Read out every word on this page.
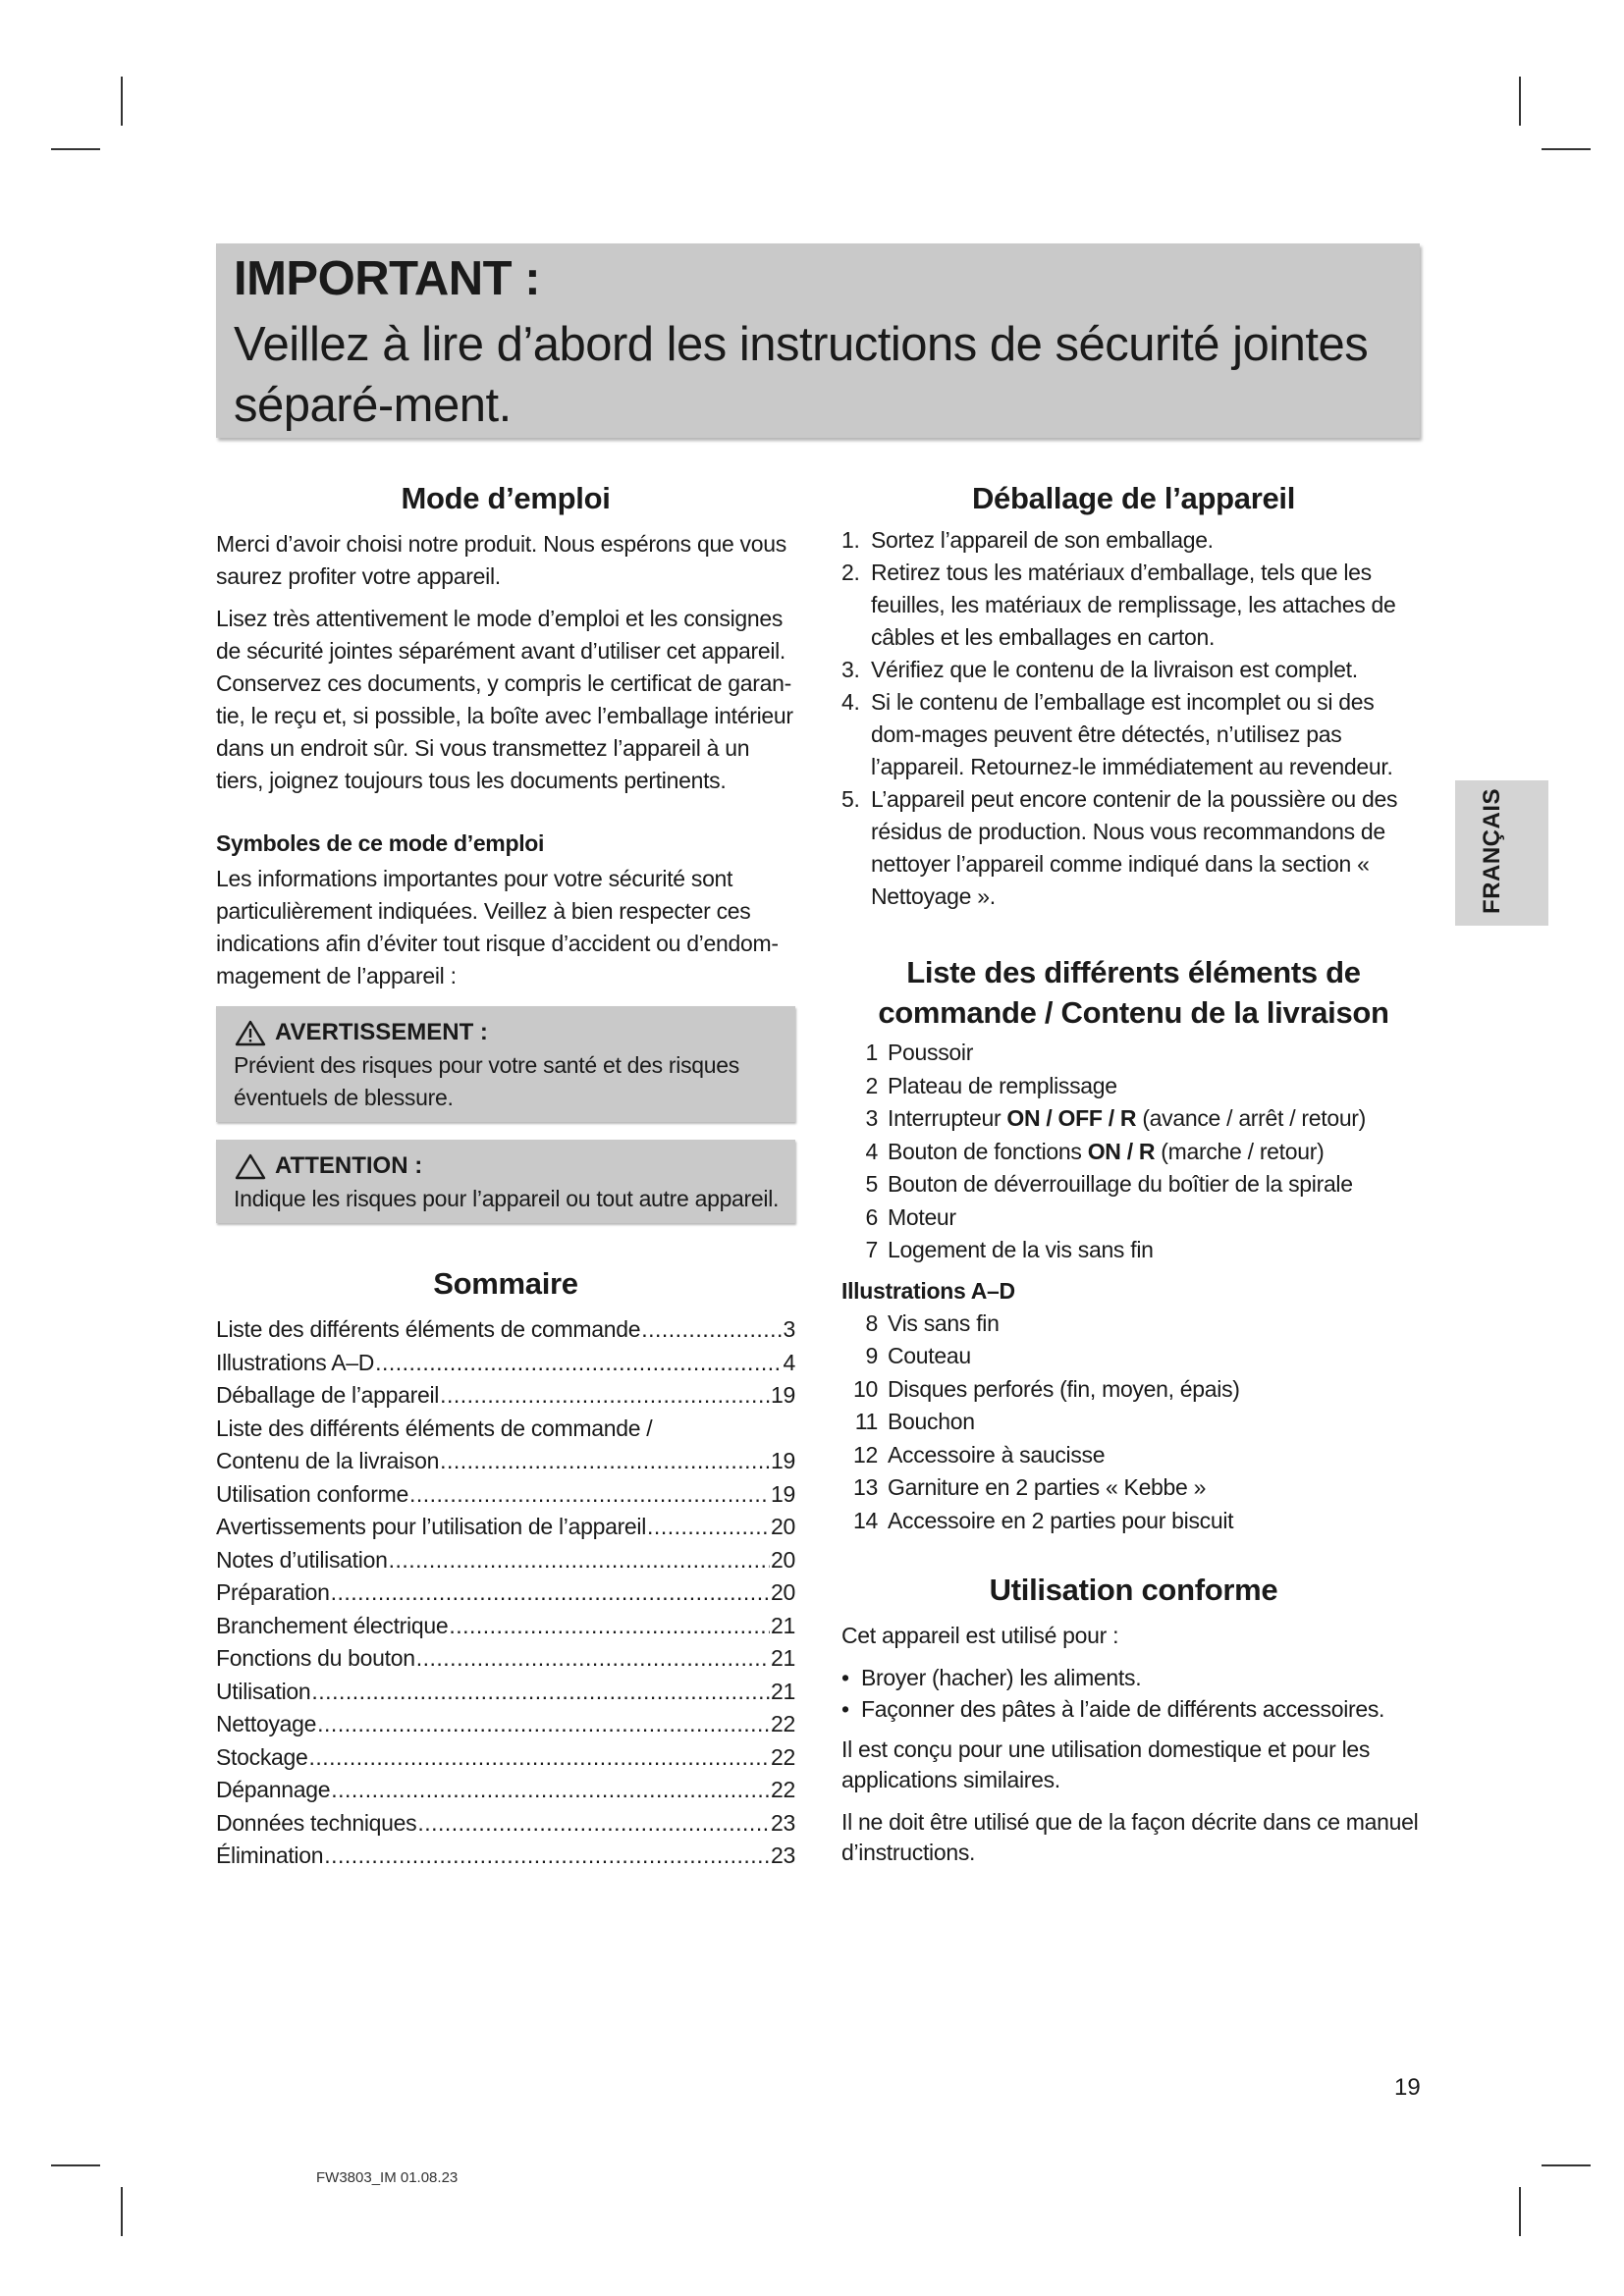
IMPORTANT :
Veillez à lire d’abord les instructions de sécurité jointes séparé-ment.
Mode d’emploi

Merci d’avoir choisi notre produit. Nous espérons que vous saurez profiter votre appareil.

Lisez très attentivement le mode d’emploi et les consignes de sécurité jointes séparément avant d’utiliser cet appareil. Conservez ces documents, y compris le certificat de garan-tie, le reçu et, si possible, la boîte avec l’emballage intérieur dans un endroit sûr. Si vous transmettez l’appareil à un tiers, joignez toujours tous les documents pertinents.

Symboles de ce mode d’emploi

Les informations importantes pour votre sécurité sont particulièrement indiquées. Veillez à bien respecter ces indications afin d’éviter tout risque d’accident ou d’endom-magement de l’appareil :

AVERTISSEMENT :

Prévient des risques pour votre santé et des risques éventuels de blessure.

ATTENTION :

Indique les risques pour l’appareil ou tout autre appareil.

Sommaire
Liste des différents éléments de commande .....	3
Illustrations A–D .....	4
Déballage de l’appareil .....	19
Liste des différents éléments de commande /
Contenu de la livraison .....	19
Utilisation conforme .....	19
Avertissements pour l’utilisation de l’appareil .....	20
Notes d’utilisation .....	20
Préparation .....	20
Branchement électrique .....	21
Fonctions du bouton .....	21
Utilisation .....	21
Nettoyage .....	22
Stockage .....	22
Dépannage .....	22
Données techniques .....	23
Élimination .....	23
Déballage de l’appareil
1. Sortez l’appareil de son emballage.
2. Retirez tous les matériaux d’emballage, tels que les feuilles, les matériaux de remplissage, les attaches de câbles et les emballages en carton.
3. Vérifiez que le contenu de la livraison est complet.
4. Si le contenu de l’emballage est incomplet ou si des dom-mages peuvent être détectés, n’utilisez pas l’appareil. Retournez-le immédiatement au revendeur.
5. L’appareil peut encore contenir de la poussière ou des résidus de production. Nous vous recommandons de nettoyer l’appareil comme indiqué dans la section « Nettoyage ».
Liste des différents éléments de
commande / Contenu de la livraison
1 Poussoir
2 Plateau de remplissage
3 Interrupteur ON / OFF / R (avance / arrêt / retour)
4 Bouton de fonctions ON / R (marche / retour)
5 Bouton de déverrouillage du boîtier de la spirale
6 Moteur
7 Logement de la vis sans fin
Illustrations A–D
8 Vis sans fin
9 Couteau
10 Disques perforés (fin, moyen, épais)
11 Bouchon
12 Accessoire à saucisse
13 Garniture en 2 parties « Kebbe »
14 Accessoire en 2 parties pour biscuit
Utilisation conforme

Cet appareil est utilisé pour :

• Broyer (hacher) les aliments.
• Façonner des pâtes à l’aide de différents accessoires.

Il est conçu pour une utilisation domestique et pour les applications similaires.

Il ne doit être utilisé que de la façon décrite dans ce manuel d’instructions.

FRANÇAIS
19
FW3803_IM 01.08.23
